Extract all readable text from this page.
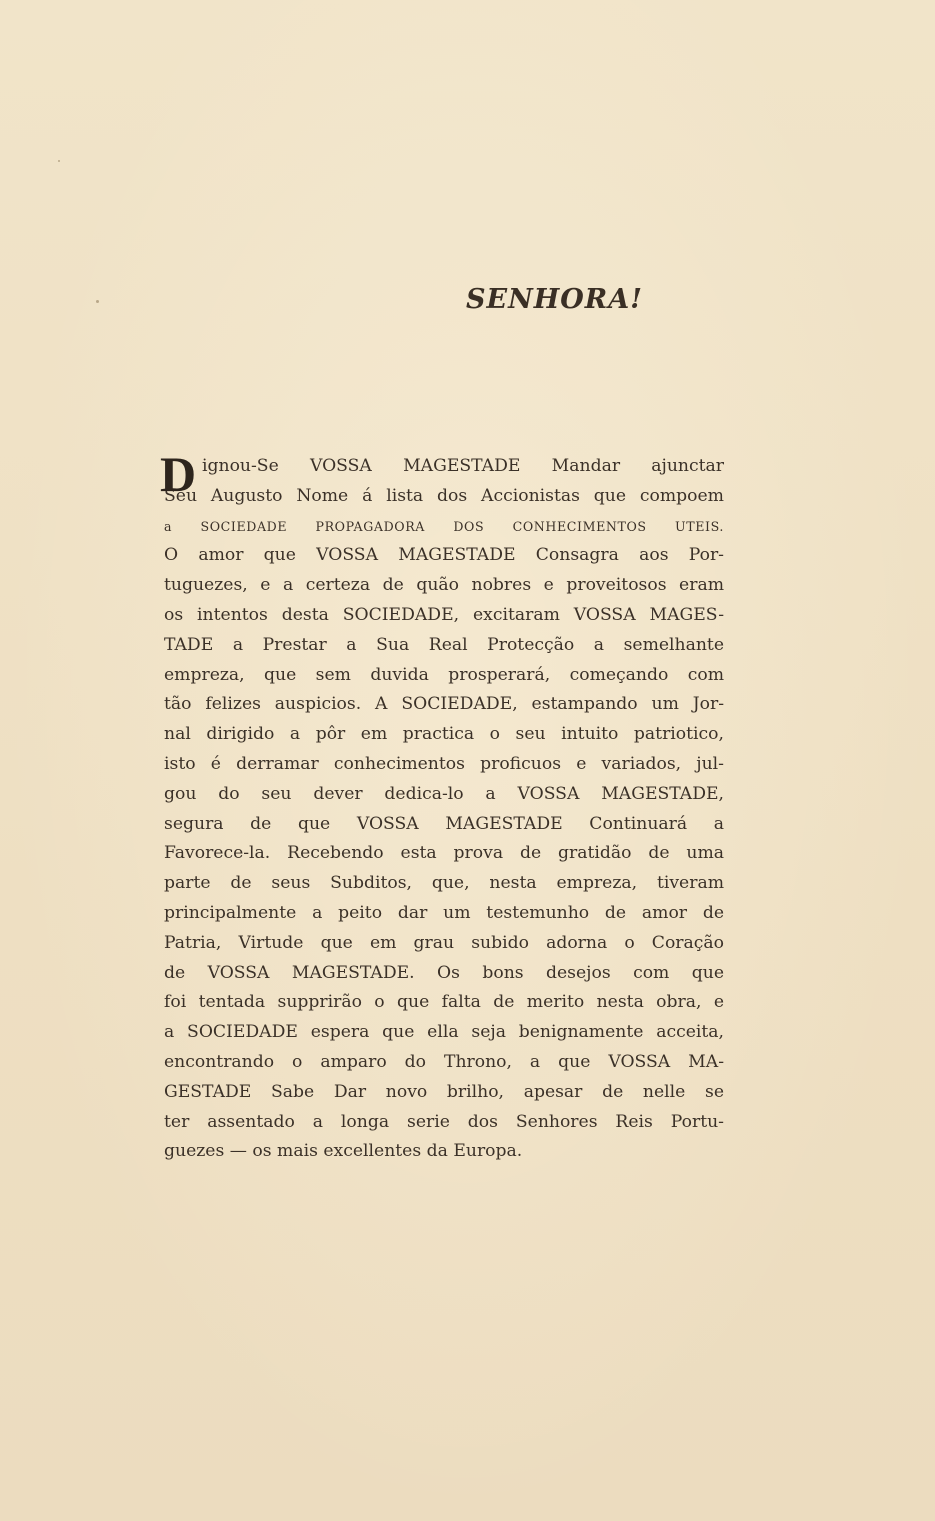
SENHORA!
D ignou-Se VOSSA MAGESTADE Mandar ajunctar
Seu Augusto Nome á lista dos Accionistas que compoem
a SOCIEDADE PROPAGADORA DOS CONHECIMENTOS UTEIS.
O amor que VOSSA MAGESTADE Consagra aos Por-
tuguezes, e a certeza de quão nobres e proveitosos eram
os intentos desta SOCIEDADE, excitaram VOSSA MAGES-
TADE a Prestar a Sua Real Protecção a semelhante
empreza, que sem duvida prosperará, começando com
tão felizes auspicios. A SOCIEDADE, estampando um Jor-
nal dirigido a pôr em practica o seu intuito patriotico,
isto é derramar conhecimentos proficuos e variados, jul-
gou do seu dever dedica-lo a VOSSA MAGESTADE,
segura de que VOSSA MAGESTADE Continuará a
Favorece-la. Recebendo esta prova de gratidão de uma
parte de seus Subditos, que, nesta empreza, tiveram
principalmente a peito dar um testemunho de amor de
Patria, Virtude que em grau subido adorna o Coração
de VOSSA MAGESTADE. Os bons desejos com que
foi tentada supprirão o que falta de merito nesta obra, e
a SOCIEDADE espera que ella seja benignamente acceita,
encontrando o amparo do Throno, a que VOSSA MA-
GESTADE Sabe Dar novo brilho, apesar de nelle se
ter assentado a longa serie dos Senhores Reis Portu-
guezes — os mais excellentes da Europa.
